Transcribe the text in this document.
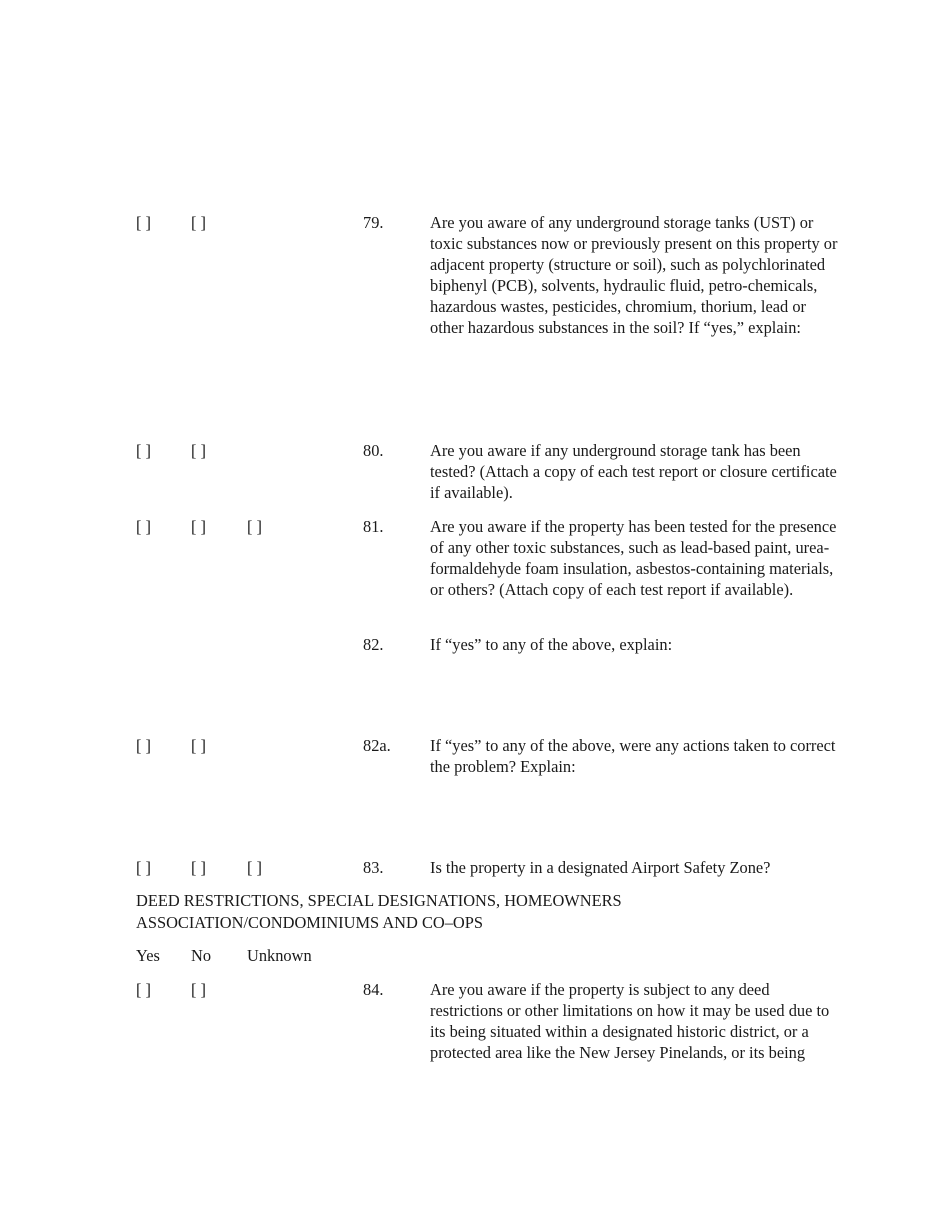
[ ] [ ]	79.	Are you aware of any underground storage tanks (UST) or toxic substances now or previously present on this property or adjacent property (structure or soil), such as polychlorinated biphenyl (PCB), solvents, hydraulic fluid, petro-chemicals, hazardous wastes, pesticides, chromium, thorium, lead or other hazardous substances in the soil? If “yes,” explain:
[ ] [ ]	80.	Are you aware if any underground storage tank has been tested? (Attach a copy of each test report or closure certificate if available).
[ ] [ ] [ ]	81.	Are you aware if the property has been tested for the presence of any other toxic substances, such as lead-based paint, urea-formaldehyde foam insulation, asbestos-containing materials, or others? (Attach copy of each test report if available).
82.	If “yes” to any of the above, explain:
[ ] [ ]	82a. If “yes” to any of the above, were any actions taken to correct the problem? Explain:
[ ] [ ] [ ]	83.	Is the property in a designated Airport Safety Zone?
DEED RESTRICTIONS, SPECIAL DESIGNATIONS, HOMEOWNERS
ASSOCIATION/CONDOMINIUMS AND CO–OPS
Yes No Unknown
[ ] [ ]	84.	Are you aware if the property is subject to any deed restrictions or other limitations on how it may be used due to its being situated within a designated historic district, or a protected area like the New Jersey Pinelands, or its being
